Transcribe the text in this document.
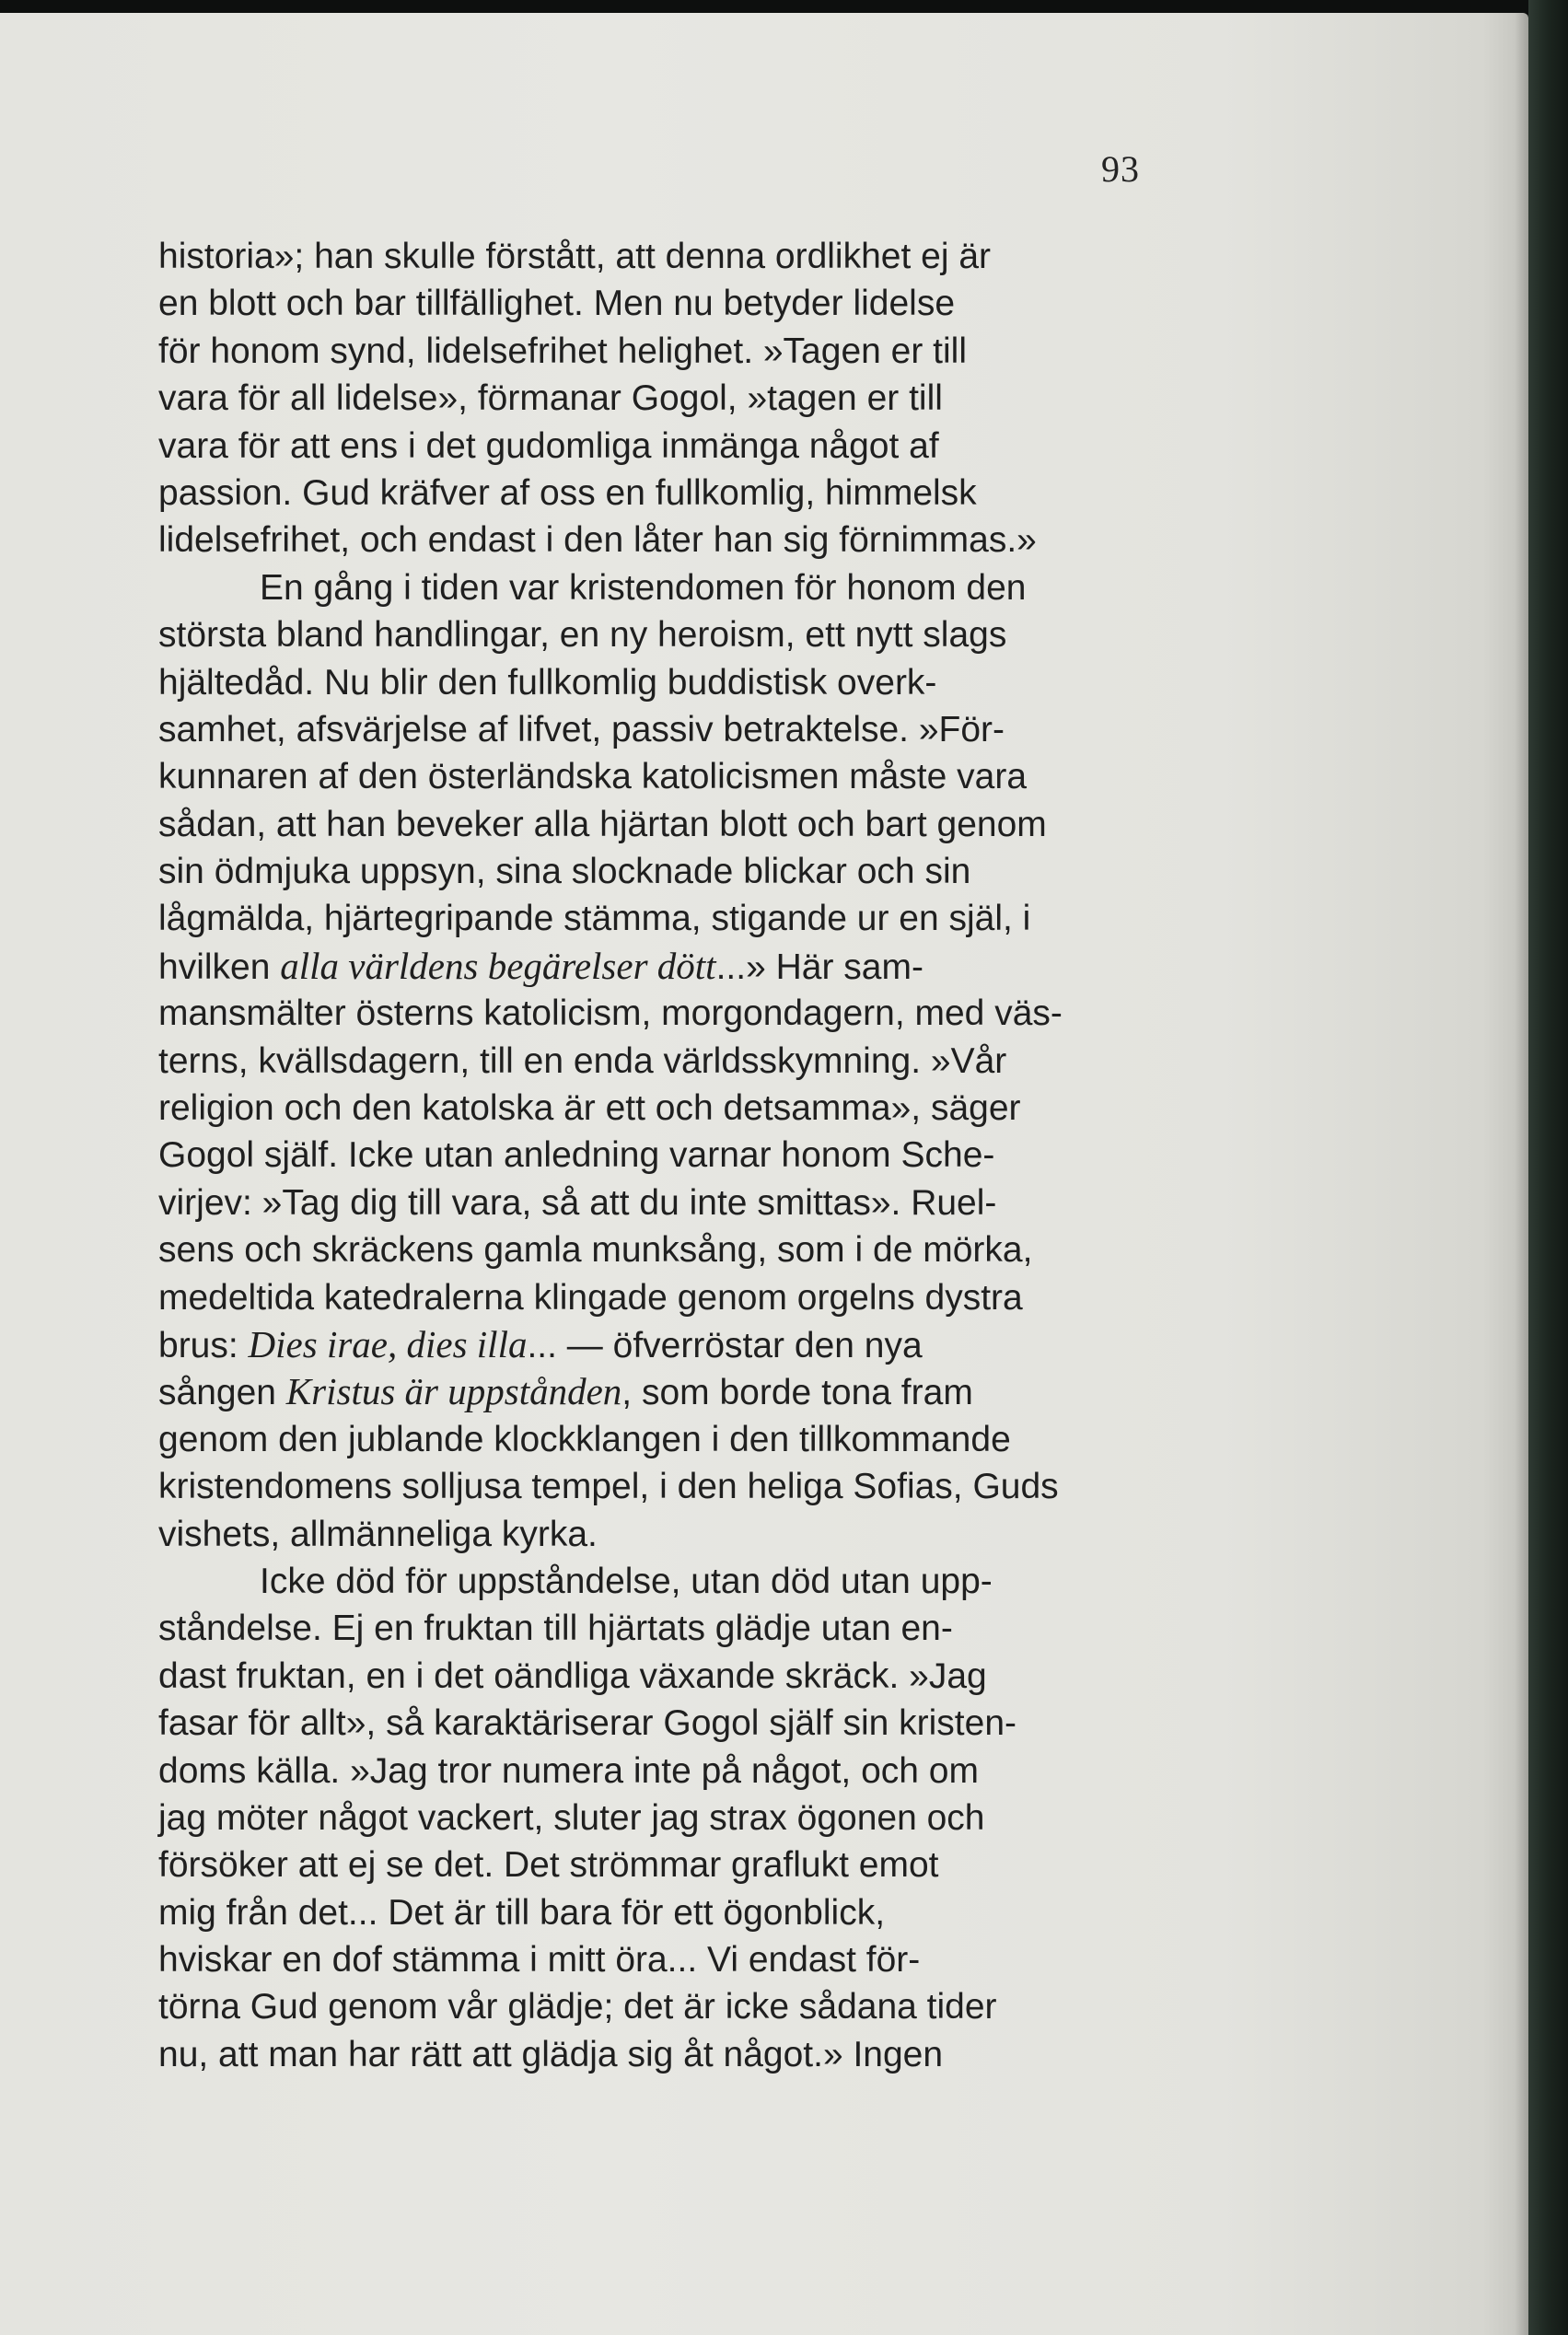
93
historia»; han skulle förstått, att denna ordlikhet ej är
en blott och bar tillfällighet. Men nu betyder lidelse
för honom synd, lidelsefrihet helighet. »Tagen er till
vara för all lidelse», förmanar Gogol, »tagen er till
vara för att ens i det gudomliga inmänga något af
passion. Gud kräfver af oss en fullkomlig, himmelsk
lidelsefrihet, och endast i den låter han sig förnimmas.»
En gång i tiden var kristendomen för honom den
största bland handlingar, en ny heroism, ett nytt slags
hjältedåd. Nu blir den fullkomlig buddistisk overk-
samhet, afsvärjelse af lifvet, passiv betraktelse. »För-
kunnaren af den österländska katolicismen måste vara
sådan, att han beveker alla hjärtan blott och bart genom
sin ödmjuka uppsyn, sina slocknade blickar och sin
lågmälda, hjärtegripande stämma, stigande ur en själ, i
hvilken alla världens begärelser dött...» Här sam-
mansmälter österns katolicism, morgondagern, med väs-
terns, kvällsdagern, till en enda världsskymning. »Vår
religion och den katolska är ett och detsamma», säger
Gogol själf. Icke utan anledning varnar honom Sche-
virjev: »Tag dig till vara, så att du inte smittas». Ruel-
sens och skräckens gamla munksång, som i de mörka,
medeltida katedralerna klingade genom orgelns dystra
brus: Dies irae, dies illa... — öfverröstar den nya
sången Kristus är uppstånden, som borde tona fram
genom den jublande klockklangen i den tillkommande
kristendomens solljusa tempel, i den heliga Sofias, Guds
vishets, allmänneliga kyrka.
Icke död för uppståndelse, utan död utan upp-
ståndelse. Ej en fruktan till hjärtats glädje utan en-
dast fruktan, en i det oändliga växande skräck. »Jag
fasar för allt», så karaktäriserar Gogol själf sin kristen-
doms källa. »Jag tror numera inte på något, och om
jag möter något vackert, sluter jag strax ögonen och
försöker att ej se det. Det strömmar graflukt emot
mig från det... Det är till bara för ett ögonblick,
hviskar en dof stämma i mitt öra... Vi endast för-
törna Gud genom vår glädje; det är icke sådana tider
nu, att man har rätt att glädja sig åt något.» Ingen
